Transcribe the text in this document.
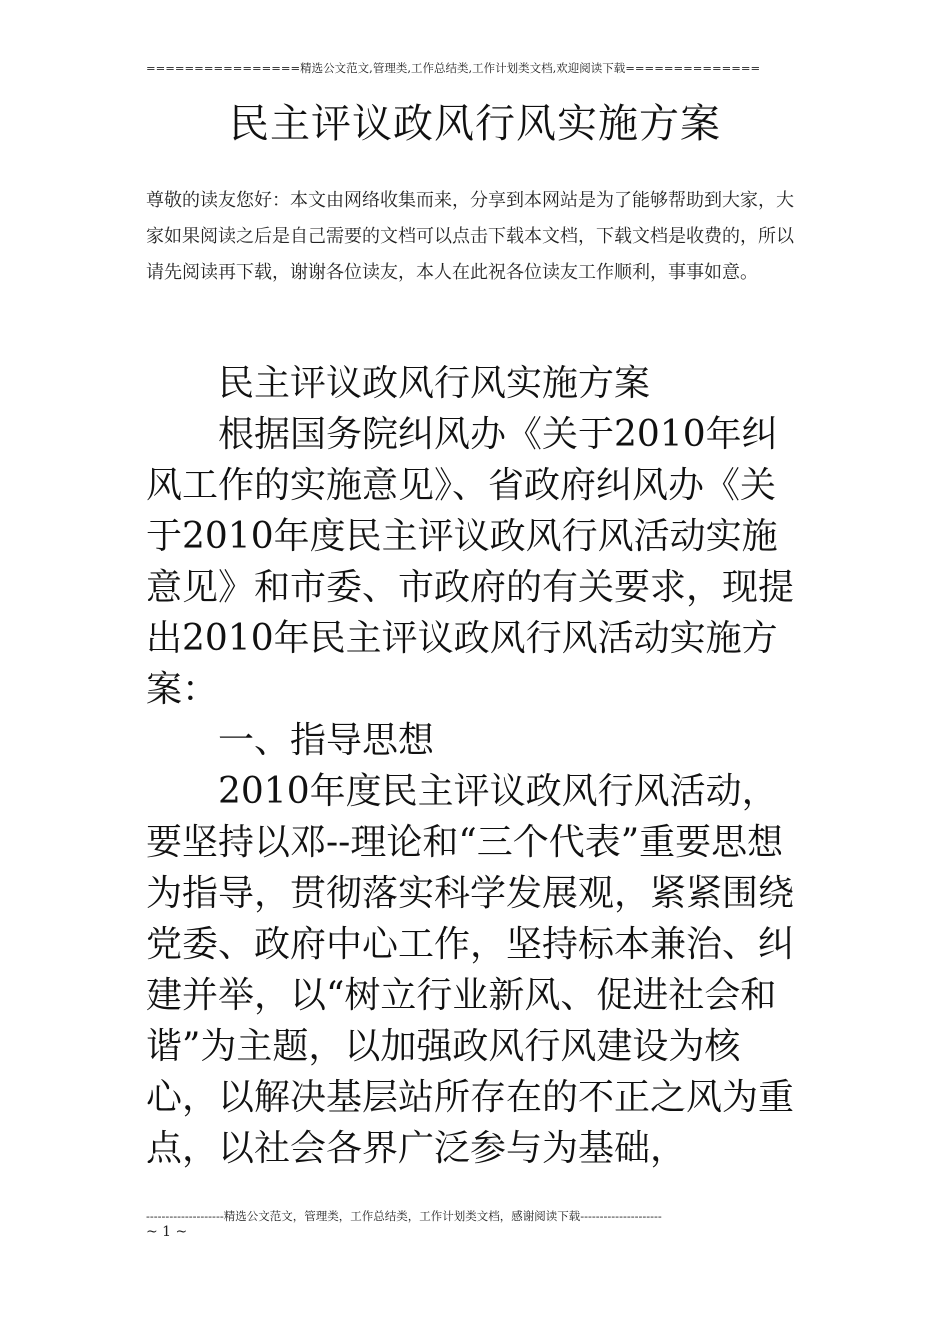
================精选公文范文,管理类,工作总结类,工作计划类文档,欢迎阅读下载==============
民主评议政风行风实施方案
尊敬的读友您好：本文由网络收集而来，分享到本网站是为了能够帮助到大家，大家如果阅读之后是自己需要的文档可以点击下载本文档，下载文档是收费的，所以请先阅读再下载，谢谢各位读友，本人在此祝各位读友工作顺利，事事如意。

民主评议政风行风实施方案

根据国务院纠风办《关于2010年纠风工作的实施意见》、省政府纠风办《关于2010年度民主评议政风行风活动实施意见》和市委、市政府的有关要求，现提出2010年民主评议政风行风活动实施方案：

一、指导思想

2010年度民主评议政风行风活动，要坚持以邓--理论和“三个代表”重要思想为指导，贯彻落实科学发展观，紧紧围绕党委、政府中心工作，坚持标本兼治、纠建并举，以“树立行业新风、促进社会和谐”为主题，以加强政风行风建设为核心，以解决基层站所存在的不正之风为重点，以社会各界广泛参与为基础，

--------------------精选公文范文，管理类，工作总结类，工作计划类文档，感谢阅读下载---------------------
~ 1 ~
